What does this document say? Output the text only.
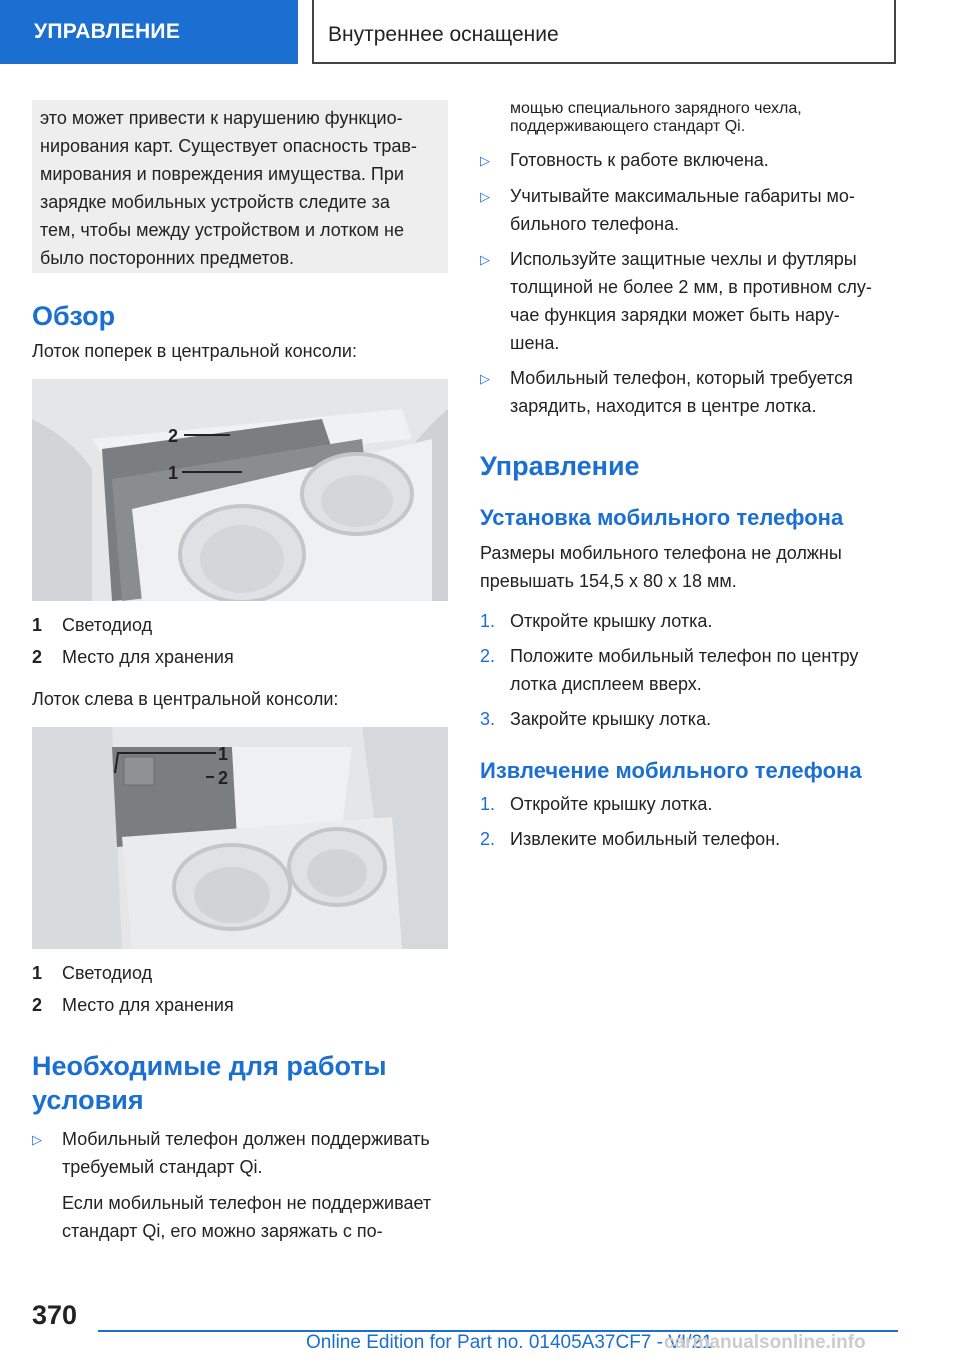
УПРАВЛЕНИЕ	Внутреннее оснащение
это может привести к нарушению функцио-
нирования карт. Существует опасность трав-
мирования и повреждения имущества. При
зарядке мобильных устройств следите за
тем, чтобы между устройством и лотком не
было посторонних предметов.
Обзор

Лоток поперек в центральной консоли:

2
1
1	Светодиод
2	Место для хранения

Лоток слева в центральной консоли:

1
2
1	Светодиод
2	Место для хранения
Необходимые для работы
условия
▷	Мобильный телефон должен поддерживать
требуемый стандарт Qi.
Если мобильный телефон не поддерживает
стандарт Qi, его можно заряжать с по-
мощью специального зарядного чехла,
поддерживающего стандарт Qi.
▷	Готовность к работе включена.
▷	Учитывайте максимальные габариты мо-
бильного телефона.
▷	Используйте защитные чехлы и футляры
толщиной не более 2 мм, в противном слу-
чае функция зарядки может быть нару-
шена.
▷	Мобильный телефон, который требуется
зарядить, находится в центре лотка.
Управление
Установка мобильного телефона
Размеры мобильного телефона не должны
превышать 154,5 x 80 x 18 мм.
1. Откройте крышку лотка.
2. Положите мобильный телефон по центру
лотка дисплеем вверх.
3. Закройте крышку лотка.
Извлечение мобильного телефона
1. Откройте крышку лотка.
2. Извлеките мобильный телефон.
370
Online Edition for Part no. 01405A37CF7 - VI/21
carmanualsonline.info
